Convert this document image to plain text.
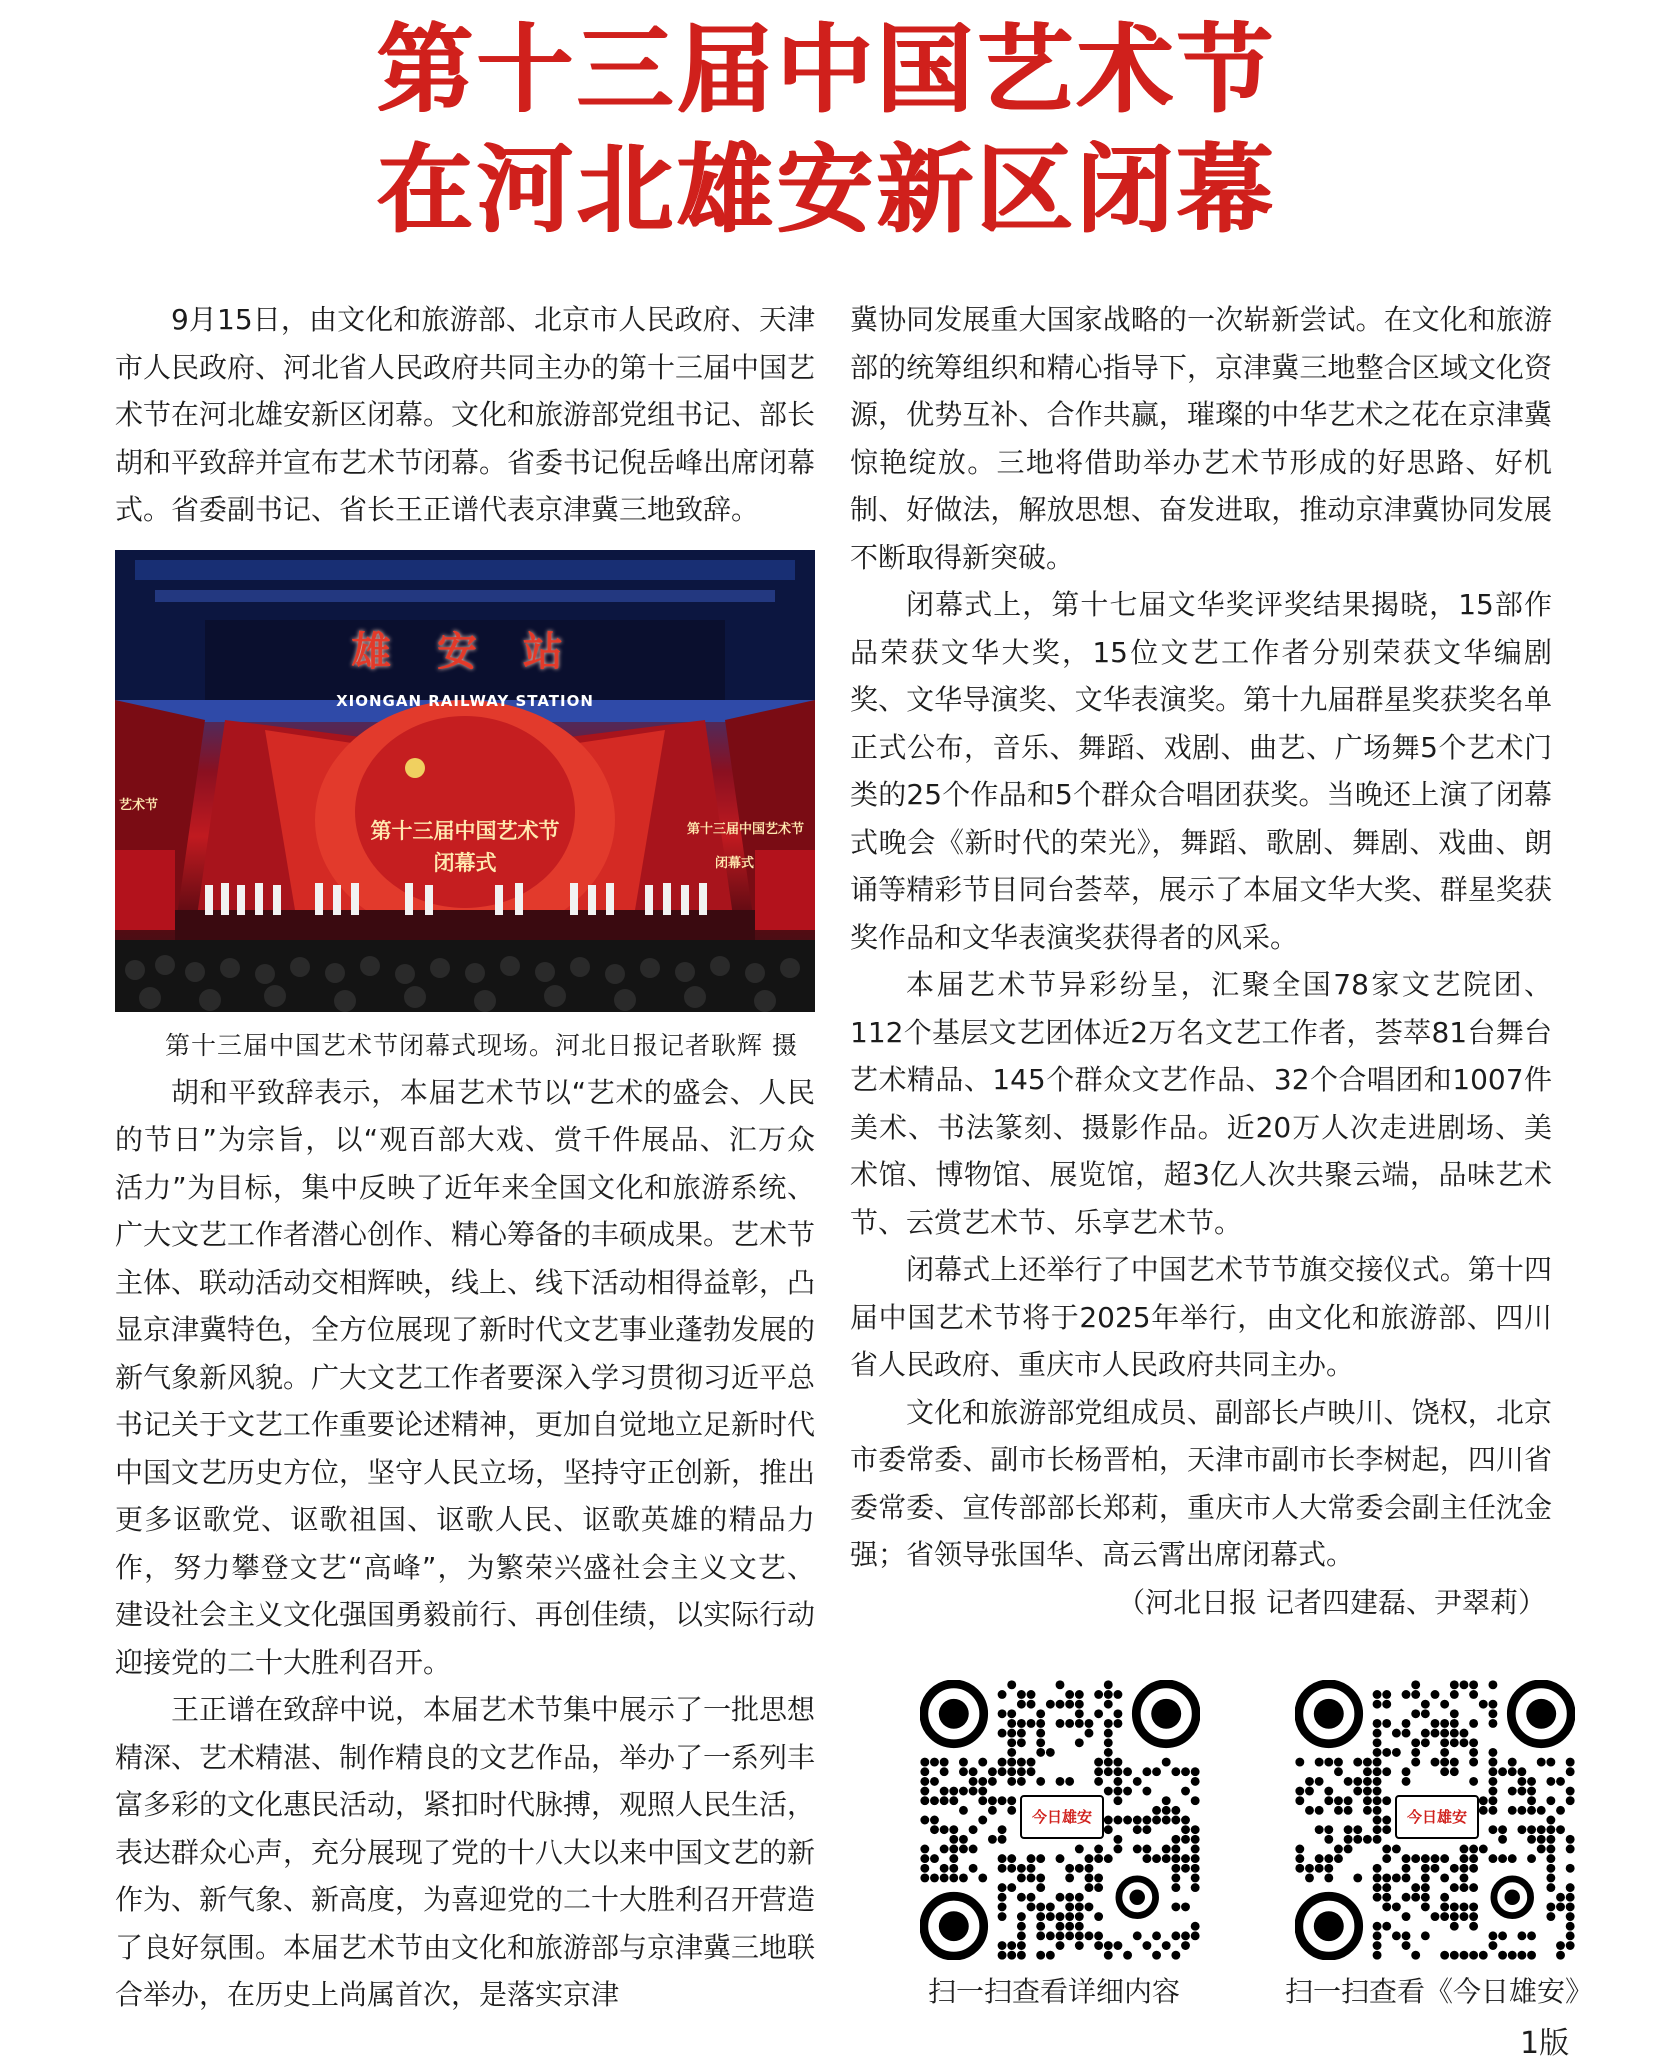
第十三届中国艺术节
在河北雄安新区闭幕

9月15日，由文化和旅游部、北京市人民政府、天津市人民政府、河北省人民政府共同主办的第十三届中国艺术节在河北雄安新区闭幕。文化和旅游部党组书记、部长胡和平致辞并宣布艺术节闭幕。省委书记倪岳峰出席闭幕式。省委副书记、省长王正谱代表京津冀三地致辞。

雄 安 站
XIONGAN RAILWAY STATION
第十三届中国艺术节
闭幕式
艺术节
第十三届中国艺术节
闭幕式

第十三届中国艺术节闭幕式现场。河北日报记者耿辉 摄

胡和平致辞表示，本届艺术节以“艺术的盛会、人民的节日”为宗旨，以“观百部大戏、赏千件展品、汇万众活力”为目标，集中反映了近年来全国文化和旅游系统、广大文艺工作者潜心创作、精心筹备的丰硕成果。艺术节主体、联动活动交相辉映，线上、线下活动相得益彰，凸显京津冀特色，全方位展现了新时代文艺事业蓬勃发展的新气象新风貌。广大文艺工作者要深入学习贯彻习近平总书记关于文艺工作重要论述精神，更加自觉地立足新时代中国文艺历史方位，坚守人民立场，坚持守正创新，推出更多讴歌党、讴歌祖国、讴歌人民、讴歌英雄的精品力作，努力攀登文艺“高峰”，为繁荣兴盛社会主义文艺、建设社会主义文化强国勇毅前行、再创佳绩，以实际行动迎接党的二十大胜利召开。

王正谱在致辞中说，本届艺术节集中展示了一批思想精深、艺术精湛、制作精良的文艺作品，举办了一系列丰富多彩的文化惠民活动，紧扣时代脉搏，观照人民生活，表达群众心声，充分展现了党的十八大以来中国文艺的新作为、新气象、新高度，为喜迎党的二十大胜利召开营造了良好氛围。本届艺术节由文化和旅游部与京津冀三地联合举办，在历史上尚属首次，是落实京津

冀协同发展重大国家战略的一次崭新尝试。在文化和旅游部的统筹组织和精心指导下，京津冀三地整合区域文化资源，优势互补、合作共赢，璀璨的中华艺术之花在京津冀惊艳绽放。三地将借助举办艺术节形成的好思路、好机制、好做法，解放思想、奋发进取，推动京津冀协同发展不断取得新突破。

闭幕式上，第十七届文华奖评奖结果揭晓，15部作品荣获文华大奖，15位文艺工作者分别荣获文华编剧奖、文华导演奖、文华表演奖。第十九届群星奖获奖名单正式公布，音乐、舞蹈、戏剧、曲艺、广场舞5个艺术门类的25个作品和5个群众合唱团获奖。当晚还上演了闭幕式晚会《新时代的荣光》，舞蹈、歌剧、舞剧、戏曲、朗诵等精彩节目同台荟萃，展示了本届文华大奖、群星奖获奖作品和文华表演奖获得者的风采。

本届艺术节异彩纷呈，汇聚全国78家文艺院团、112个基层文艺团体近2万名文艺工作者，荟萃81台舞台艺术精品、145个群众文艺作品、32个合唱团和1007件美术、书法篆刻、摄影作品。近20万人次走进剧场、美术馆、博物馆、展览馆，超3亿人次共聚云端，品味艺术节、云赏艺术节、乐享艺术节。

闭幕式上还举行了中国艺术节节旗交接仪式。第十四届中国艺术节将于2025年举行，由文化和旅游部、四川省人民政府、重庆市人民政府共同主办。

文化和旅游部党组成员、副部长卢映川、饶权，北京市委常委、副市长杨晋柏，天津市副市长李树起，四川省委常委、宣传部部长郑莉，重庆市人大常委会副主任沈金强；省领导张国华、高云霄出席闭幕式。

（河北日报 记者四建磊、尹翠莉）

今日雄安	今日雄安
扫一扫查看详细内容	扫一扫查看《今日雄安》
1版
